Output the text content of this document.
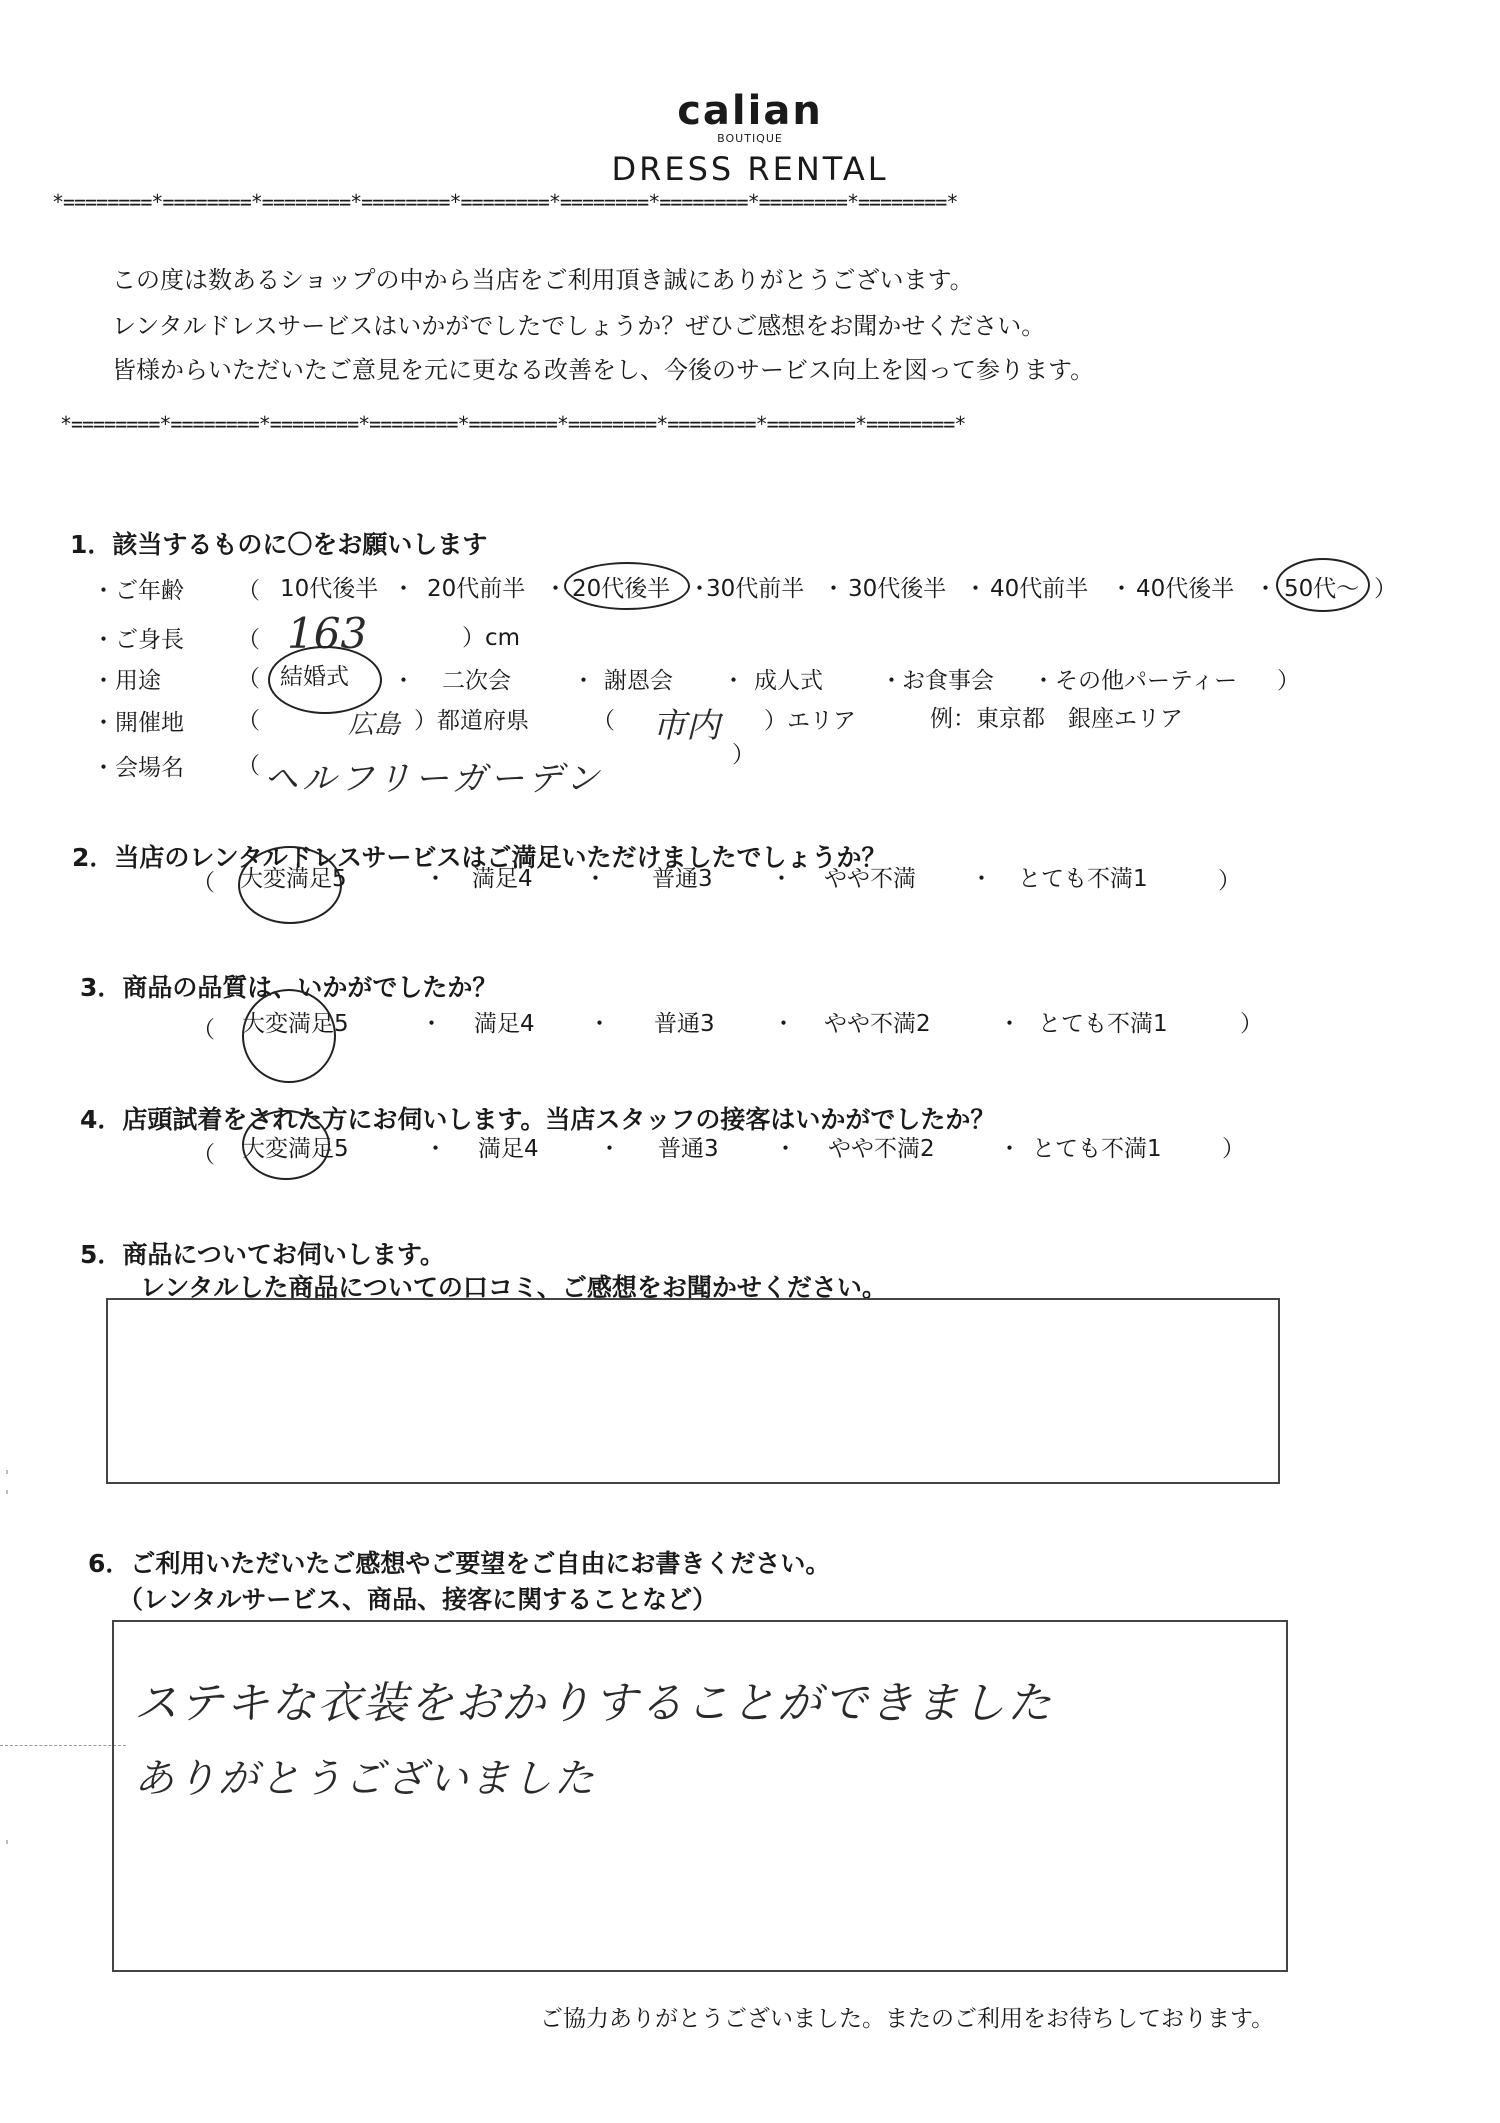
calian
BOUTIQUE
DRESS RENTAL
*========*========*========*========*========*========*========*========*========*
この度は数あるショップの中から当店をご利用頂き誠にありがとうございます。
レンタルドレスサービスはいかがでしたでしょうか？ぜひご感想をお聞かせください。
皆様からいただいたご意見を元に更なる改善をし、今後のサービス向上を図って参ります。
*========*========*========*========*========*========*========*========*========*
1．該当するものに〇をお願いします
・ご年齢 （ 10代後半 ・ 20代前半 ・ 20代後半 ・
30代前半 ・ 30代後半 ・ 40代前半 ・ 40代後半 ・ 50代〜 ）
・ご身長 （ 163	）cm
・用途	（ 結婚式 ・ 二次会	・ 謝恩会 ・ 成人式 ・ お食事会 ・その他パーティー ）
・開催地 （	広島 ）都道府県	（ 市内 ）エリア	例：東京都　銀座エリア
）
・会場名 （ ヘルフリーガーデン
2．当店のレンタルドレスサービスはご満足いただけましたでしょうか？
（ 大変満足5	・ 満足4 ・ 普通3 ・ やや不満 ・ とても不満1	）
3．商品の品質は、いかがでしたか？
（ 大変満足5	・ 満足4 ・ 普通3 ・ やや不満2	・ とても不満1	）
4．店頭試着をされた方にお伺いします。当店スタッフの接客はいかがでしたか？
（ 大変満足5	・ 満足4	・ 普通3 ・ やや不満2	・ とても不満1	）
5．商品についてお伺いします。
レンタルした商品についての口コミ、ご感想をお聞かせください。
6．ご利用いただいたご感想やご要望をご自由にお書きください。
（レンタルサービス、商品、接客に関することなど）
ステキな衣装をおかりすることができました
ありがとうございました
ご協力ありがとうございました。またのご利用をお待ちしております。
